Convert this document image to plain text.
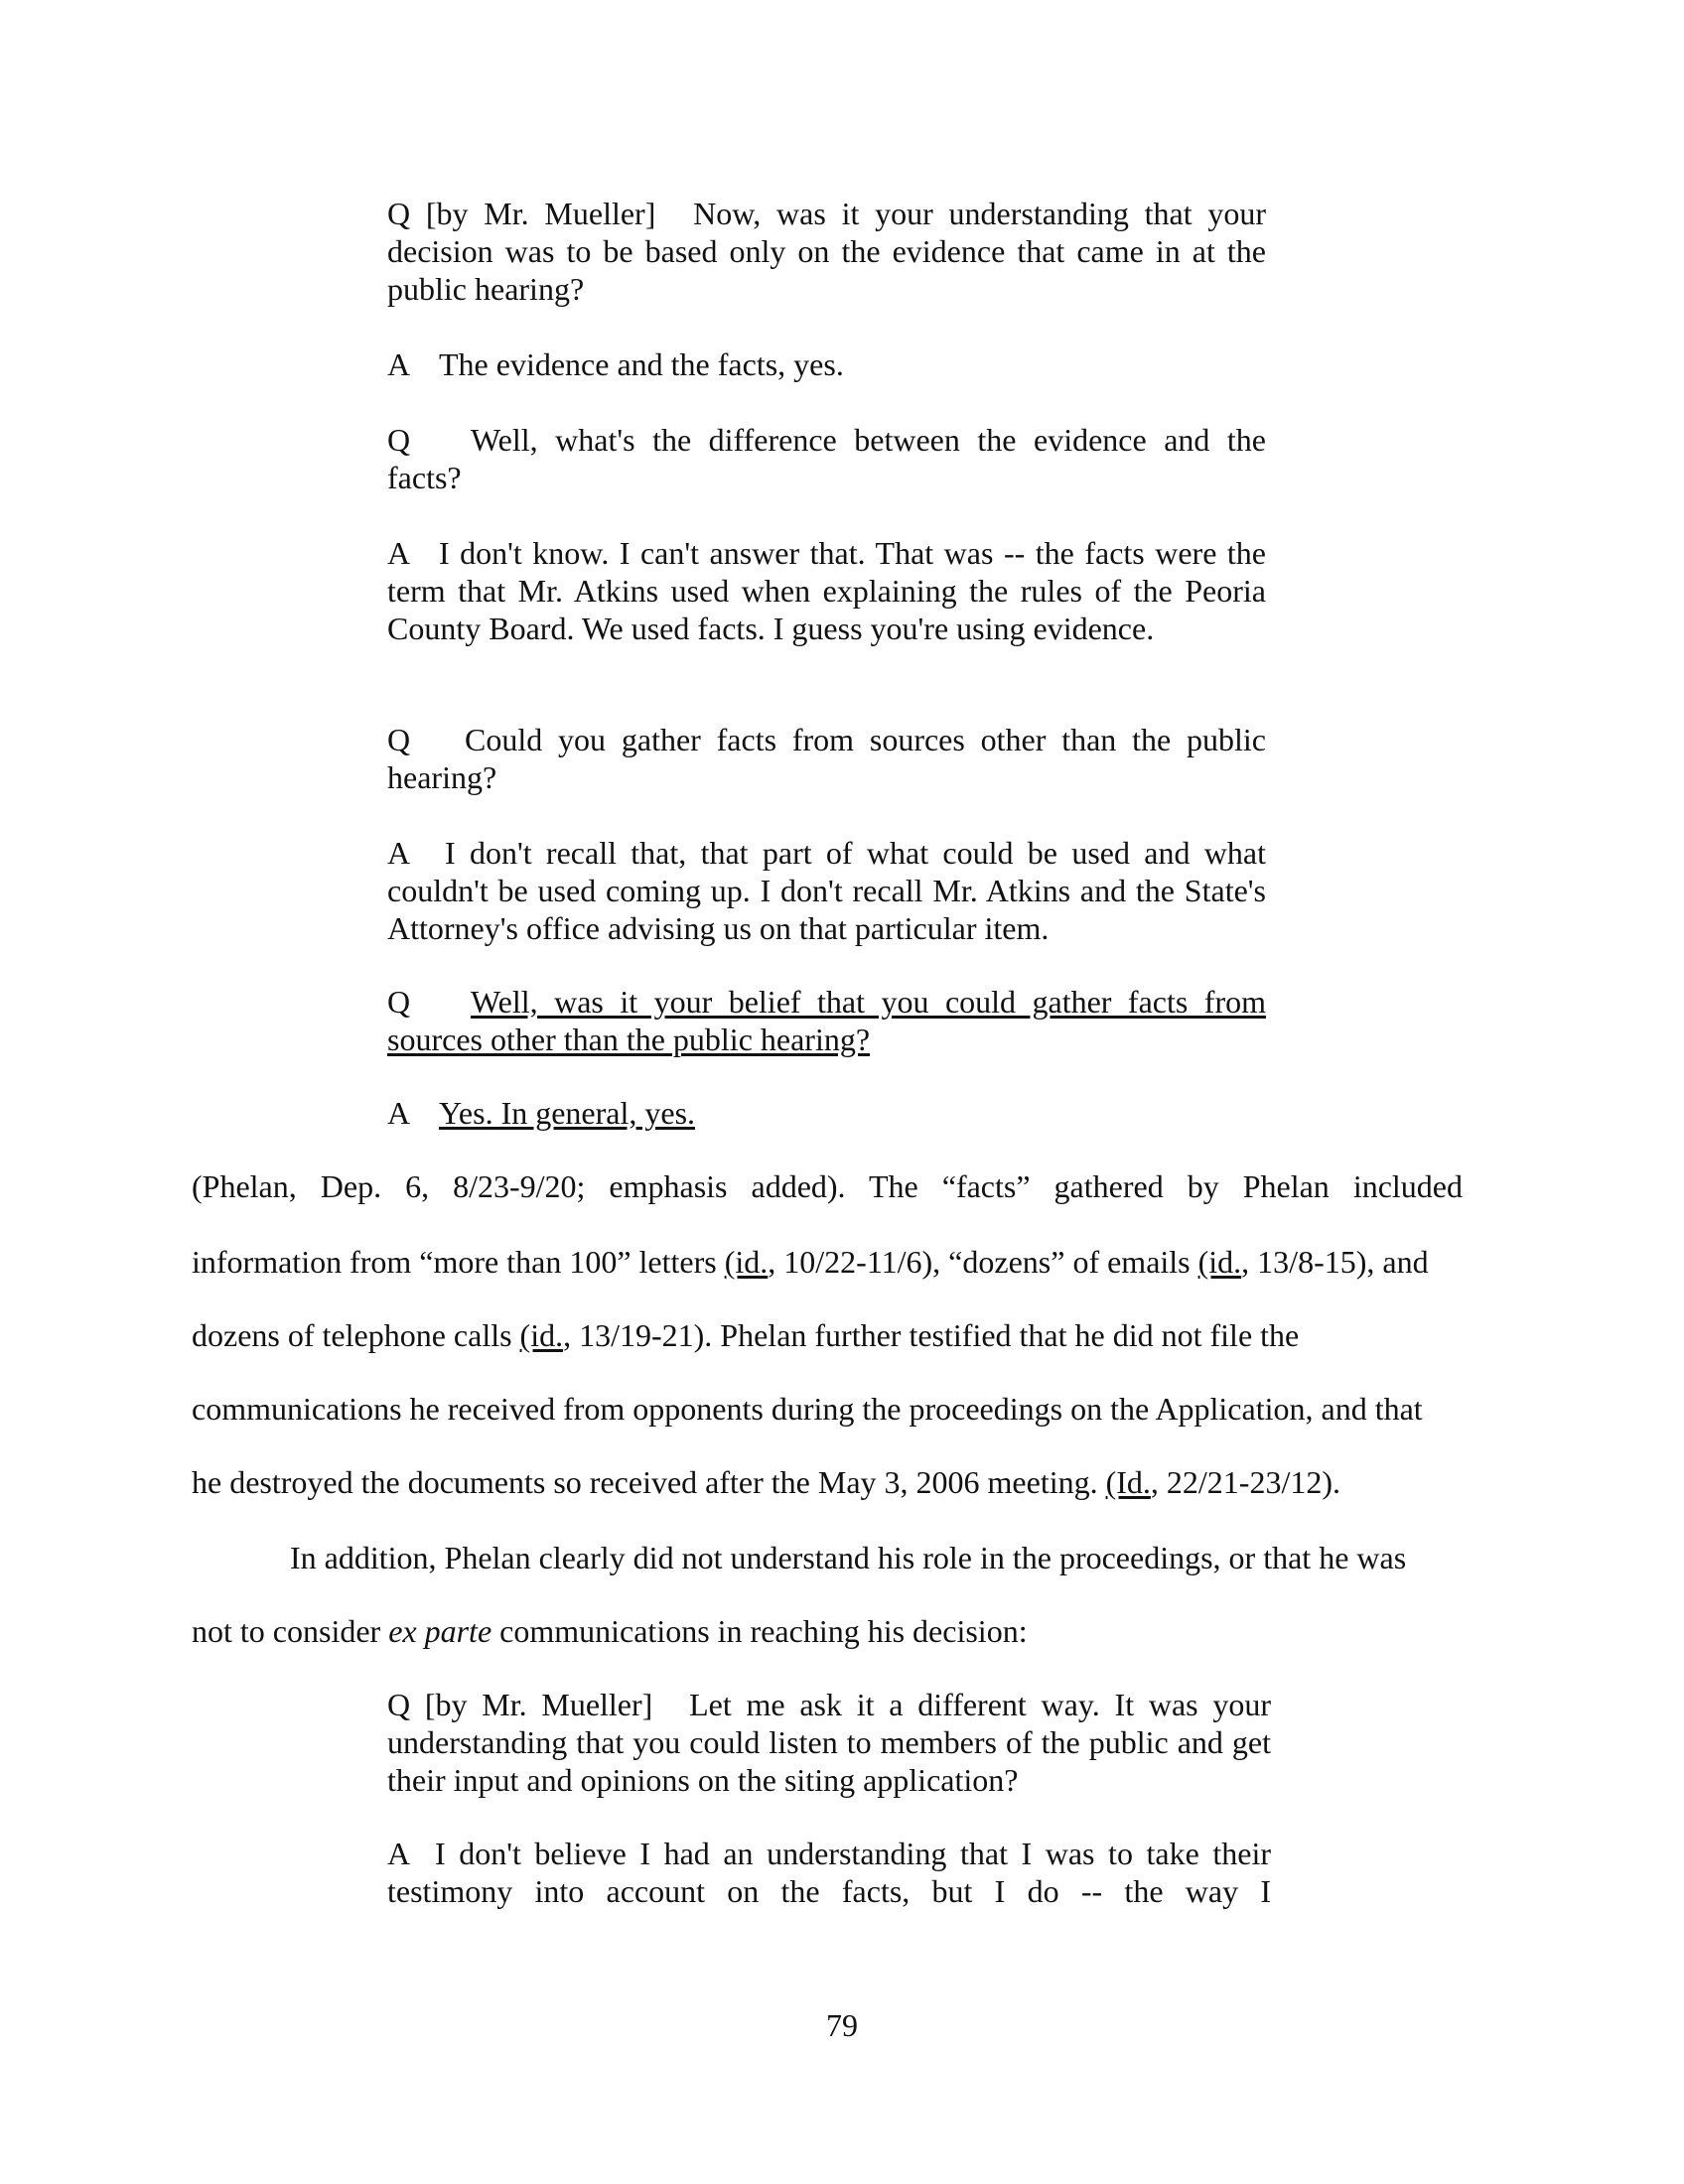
Q [by Mr. Mueller] Now, was it your understanding that your decision was to be based only on the evidence that came in at the public hearing?

A The evidence and the facts, yes.

Q Well, what's the difference between the evidence and the facts?

A I don't know. I can't answer that. That was -- the facts were the term that Mr. Atkins used when explaining the rules of the Peoria County Board. We used facts. I guess you're using evidence.

Q Could you gather facts from sources other than the public hearing?

A I don't recall that, that part of what could be used and what couldn't be used coming up. I don't recall Mr. Atkins and the State's Attorney's office advising us on that particular item.

Q Well, was it your belief that you could gather facts from sources other than the public hearing?

A Yes. In general, yes.

(Phelan, Dep. 6, 8/23-9/20; emphasis added). The “facts” gathered by Phelan included
information from “more than 100” letters (id., 10/22-11/6), “dozens” of emails (id., 13/8-15), and
dozens of telephone calls (id., 13/19-21). Phelan further testified that he did not file the
communications he received from opponents during the proceedings on the Application, and that
he destroyed the documents so received after the May 3, 2006 meeting. (Id., 22/21-23/12).
In addition, Phelan clearly did not understand his role in the proceedings, or that he was
not to consider ex parte communications in reaching his decision:

Q [by Mr. Mueller] Let me ask it a different way. It was your understanding that you could listen to members of the public and get their input and opinions on the siting application?

A I don't believe I had an understanding that I was to take their testimony into account on the facts, but I do -- the way I

79
